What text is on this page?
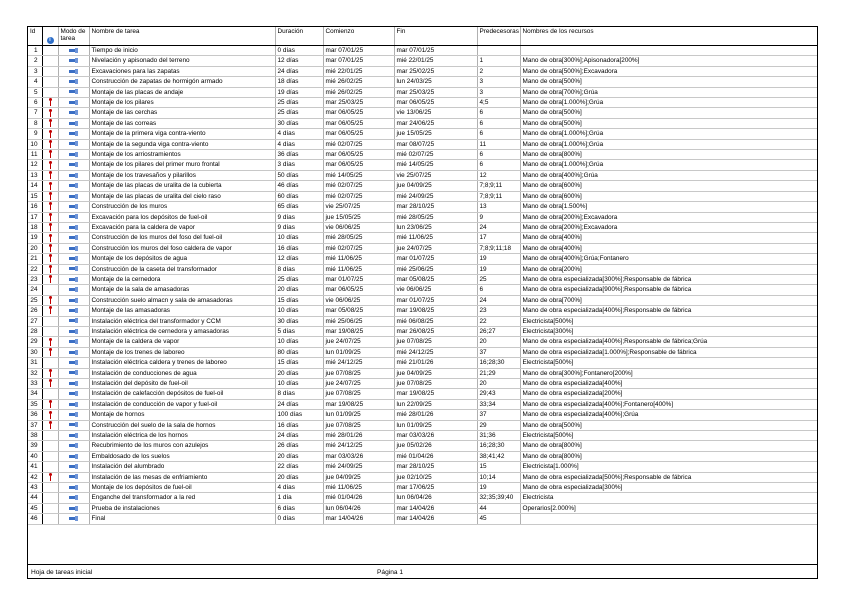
Id	i	Modo de tarea	Nombre de tarea	Duración	Comienzo	Fin	Predecesoras	Nombres de los recursos
1			Tiempo de inicio	0 días	mar 07/01/25	mar 07/01/25		
2			Nivelación y apisonado del terreno	12 días	mar 07/01/25	mié 22/01/25	1	Mano de obra[300%];Apisonadora[200%]
3			Excavaciones para las zapatas	24 días	mié 22/01/25	mar 25/02/25	2	Mano de obra[500%];Excavadora
4			Construcción de zapatas de hormigón armado	18 días	mié 26/02/25	lun 24/03/25	3	Mano de obra[500%]
5			Montaje de las placas de andaje	19 días	mié 26/02/25	mar 25/03/25	3	Mano de obra[700%];Grúa
6			Montaje de los pilares	25 días	mar 25/03/25	mar 06/05/25	4;5	Mano de obra[1.000%];Grúa
7			Montaje de las cerchas	25 días	mar 06/05/25	vie 13/06/25	6	Mano de obra[500%]
8			Montaje de las correas	30 días	mar 06/05/25	mar 24/06/25	6	Mano de obra[500%]
9			Montaje de la primera viga contra-viento	4 días	mar 06/05/25	jue 15/05/25	6	Mano de obra[1.000%];Grúa
10			Montaje de la segunda viga contra-viento	4 días	mié 02/07/25	mar 08/07/25	11	Mano de obra[1.000%];Grúa
11			Montaje de los arriostramientos	36 días	mar 06/05/25	mié 02/07/25	6	Mano de obra[800%]
12			Montaje de los pilares del primer muro frontal	3 días	mar 06/05/25	mié 14/05/25	6	Mano de obra[1.000%];Grúa
13			Montaje de los travesaños y pilarillos	50 días	mié 14/05/25	vie 25/07/25	12	Mano de obra[400%];Grúa
14			Montaje de las placas de uralita de la cubierta	46 días	mié 02/07/25	jue 04/09/25	7;8;9;11	Mano de obra[600%]
15			Montaje de las placas de uralita del cielo raso	60 días	mié 02/07/25	mié 24/09/25	7;8;9;11	Mano de obra[600%]
16			Construcción de los muros	65 días	vie 25/07/25	mar 28/10/25	13	Mano de obra[1.500%]
17			Excavación para los depósitos de fuel-oil	9 días	jue 15/05/25	mié 28/05/25	9	Mano de obra[200%];Excavadora
18			Excavación para la caldera de vapor	9 días	vie 06/06/25	lun 23/06/25	24	Mano de obra[200%];Excavadora
19			Construcción de los muros del foso del fuel-oil	10 días	mié 28/05/25	mié 11/06/25	17	Mano de obra[400%]
20			Construcción los muros del foso caldera de vapor	16 días	mié 02/07/25	jue 24/07/25	7;8;9;11;18	Mano de obra[400%]
21			Montaje de los depósitos de agua	12 días	mié 11/06/25	mar 01/07/25	19	Mano de obra[400%];Grúa;Fontanero
22			Construcción de la caseta del transformador	8 días	mié 11/06/25	mié 25/06/25	19	Mano de obra[200%]
23			Montaje de la cernedora	25 días	mar 01/07/25	mar 05/08/25	25	Mano de obra especializada[300%];Responsable de fábrica
24			Montaje de la sala de amasadoras	20 días	mar 06/05/25	vie 06/06/25	6	Mano de obra especializada[900%];Responsable de fábrica
25			Construcción suelo almacn y sala de amasadoras	15 días	vie 06/06/25	mar 01/07/25	24	Mano de obra[700%]
26			Montaje de las amasadoras	10 días	mar 05/08/25	mar 19/08/25	23	Mano de obra especializada[400%];Responsable de fábrica
27			Instalación eléctrica del transformador y CCM	30 días	mié 25/06/25	mié 06/08/25	22	Electricista[500%]
28			Instalación eléctrica de cernedora y amasadoras	5 días	mar 19/08/25	mar 26/08/25	26;27	Electricista[300%]
29			Montaje de la caldera de vapor	10 días	jue 24/07/25	jue 07/08/25	20	Mano de obra especializada[400%];Responsable de fábrica;Grúa
30			Montaje de los trenes de laboreo	80 días	lun 01/09/25	mié 24/12/25	37	Mano de obra especializada[1.000%];Responsable de fábrica
31			Instalación eléctrica caldera y trenes de laboreo	15 días	mié 24/12/25	mié 21/01/26	16;28;30	Electricista[500%]
32			Instalación de conducciones de agua	20 días	jue 07/08/25	jue 04/09/25	21;29	Mano de obra[300%];Fontanero[200%]
33			Instalación del depósito de fuel-oil	10 días	jue 24/07/25	jue 07/08/25	20	Mano de obra especializada[400%]
34			Instalación de calefacción depósitos de fuel-oil	8 días	jue 07/08/25	mar 19/08/25	29;43	Mano de obra especializada[200%]
35			Instalación de conducción de vapor y fuel-oil	24 días	mar 19/08/25	lun 22/09/25	33;34	Mano de obra especializada[400%];Fontanero[400%]
36			Montaje de hornos	100 días	lun 01/09/25	mié 28/01/26	37	Mano de obra especializada[400%];Grúa
37			Construcción del suelo de la sala de hornos	16 días	jue 07/08/25	lun 01/09/25	29	Mano de obra[500%]
38			Instalación eléctrica de los hornos	24 días	mié 28/01/26	mar 03/03/26	31;36	Electricista[500%]
39			Recubrimiento de los muros con azulejos	26 días	mié 24/12/25	jue 05/02/26	16;28;30	Mano de obra[800%]
40			Embaldosado de los suelos	20 días	mar 03/03/26	mié 01/04/26	38;41;42	Mano de obra[800%]
41			Instalación del alumbrado	22 días	mié 24/09/25	mar 28/10/25	15	Electricista[1.000%]
42			Instalación de las mesas de enfriamiento	20 días	jue 04/09/25	jue 02/10/25	10;14	Mano de obra especializada[500%];Responsable de fábrica
43			Montaje de los depósitos de fuel-oil	4 días	mié 11/06/25	mar 17/06/25	19	Mano de obra especializada[300%]
44			Enganche del transformador a la red	1 día	mié 01/04/26	lun 06/04/26	32;35;39;40	Electricista
45			Prueba de instalaciones	6 días	lun 06/04/26	mar 14/04/26	44	Operarios[2.000%]
46			Final	0 días	mar 14/04/26	mar 14/04/26	45	
Hoja de tareas inicial	Página 1
